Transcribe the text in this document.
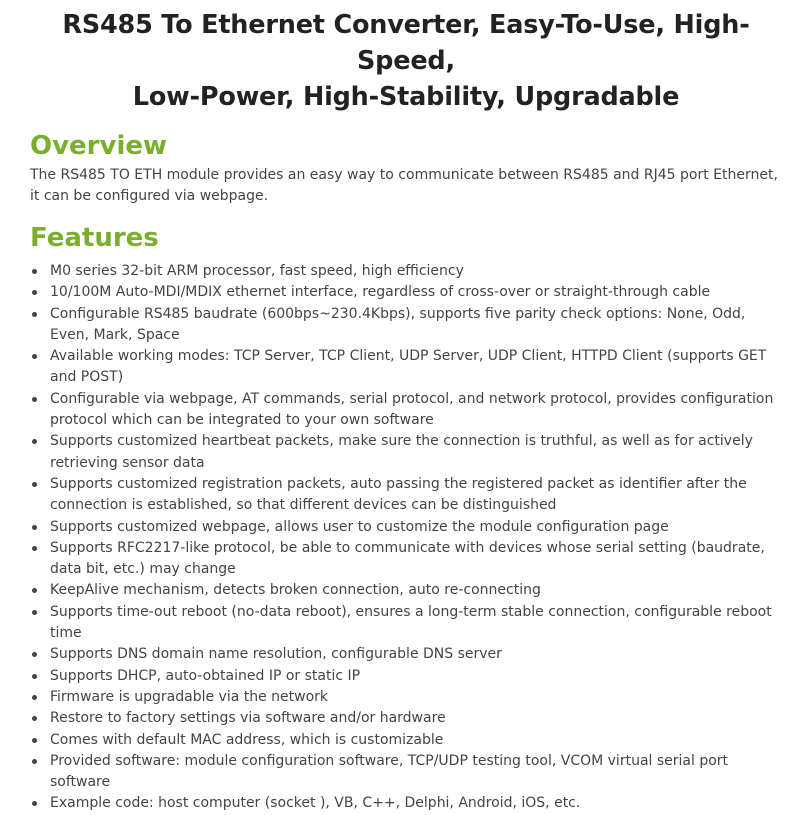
RS485 To Ethernet Converter, Easy-To-Use, High-Speed,
Low-Power, High-Stability, Upgradable
Overview

The RS485 TO ETH module provides an easy way to communicate between RS485 and RJ45 port Ethernet, it can be configured via webpage.

Features
M0 series 32-bit ARM processor, fast speed, high efficiency
10/100M Auto-MDI/MDIX ethernet interface, regardless of cross-over or straight-through cable
Configurable RS485 baudrate (600bps~230.4Kbps), supports five parity check options: None, Odd, Even, Mark, Space
Available working modes: TCP Server, TCP Client, UDP Server, UDP Client, HTTPD Client (supports GET and POST)
Configurable via webpage, AT commands, serial protocol, and network protocol, provides configuration protocol which can be integrated to your own software
Supports customized heartbeat packets, make sure the connection is truthful, as well as for actively retrieving sensor data
Supports customized registration packets, auto passing the registered packet as identifier after the connection is established, so that different devices can be distinguished
Supports customized webpage, allows user to customize the module configuration page
Supports RFC2217-like protocol, be able to communicate with devices whose serial setting (baudrate, data bit, etc.) may change
KeepAlive mechanism, detects broken connection, auto re-connecting
Supports time-out reboot (no-data reboot), ensures a long-term stable connection, configurable reboot time
Supports DNS domain name resolution, configurable DNS server
Supports DHCP, auto-obtained IP or static IP
Firmware is upgradable via the network
Restore to factory settings via software and/or hardware
Comes with default MAC address, which is customizable
Provided software: module configuration software, TCP/UDP testing tool, VCOM virtual serial port software
Example code: host computer (socket ), VB, C++, Delphi, Android, iOS, etc.
